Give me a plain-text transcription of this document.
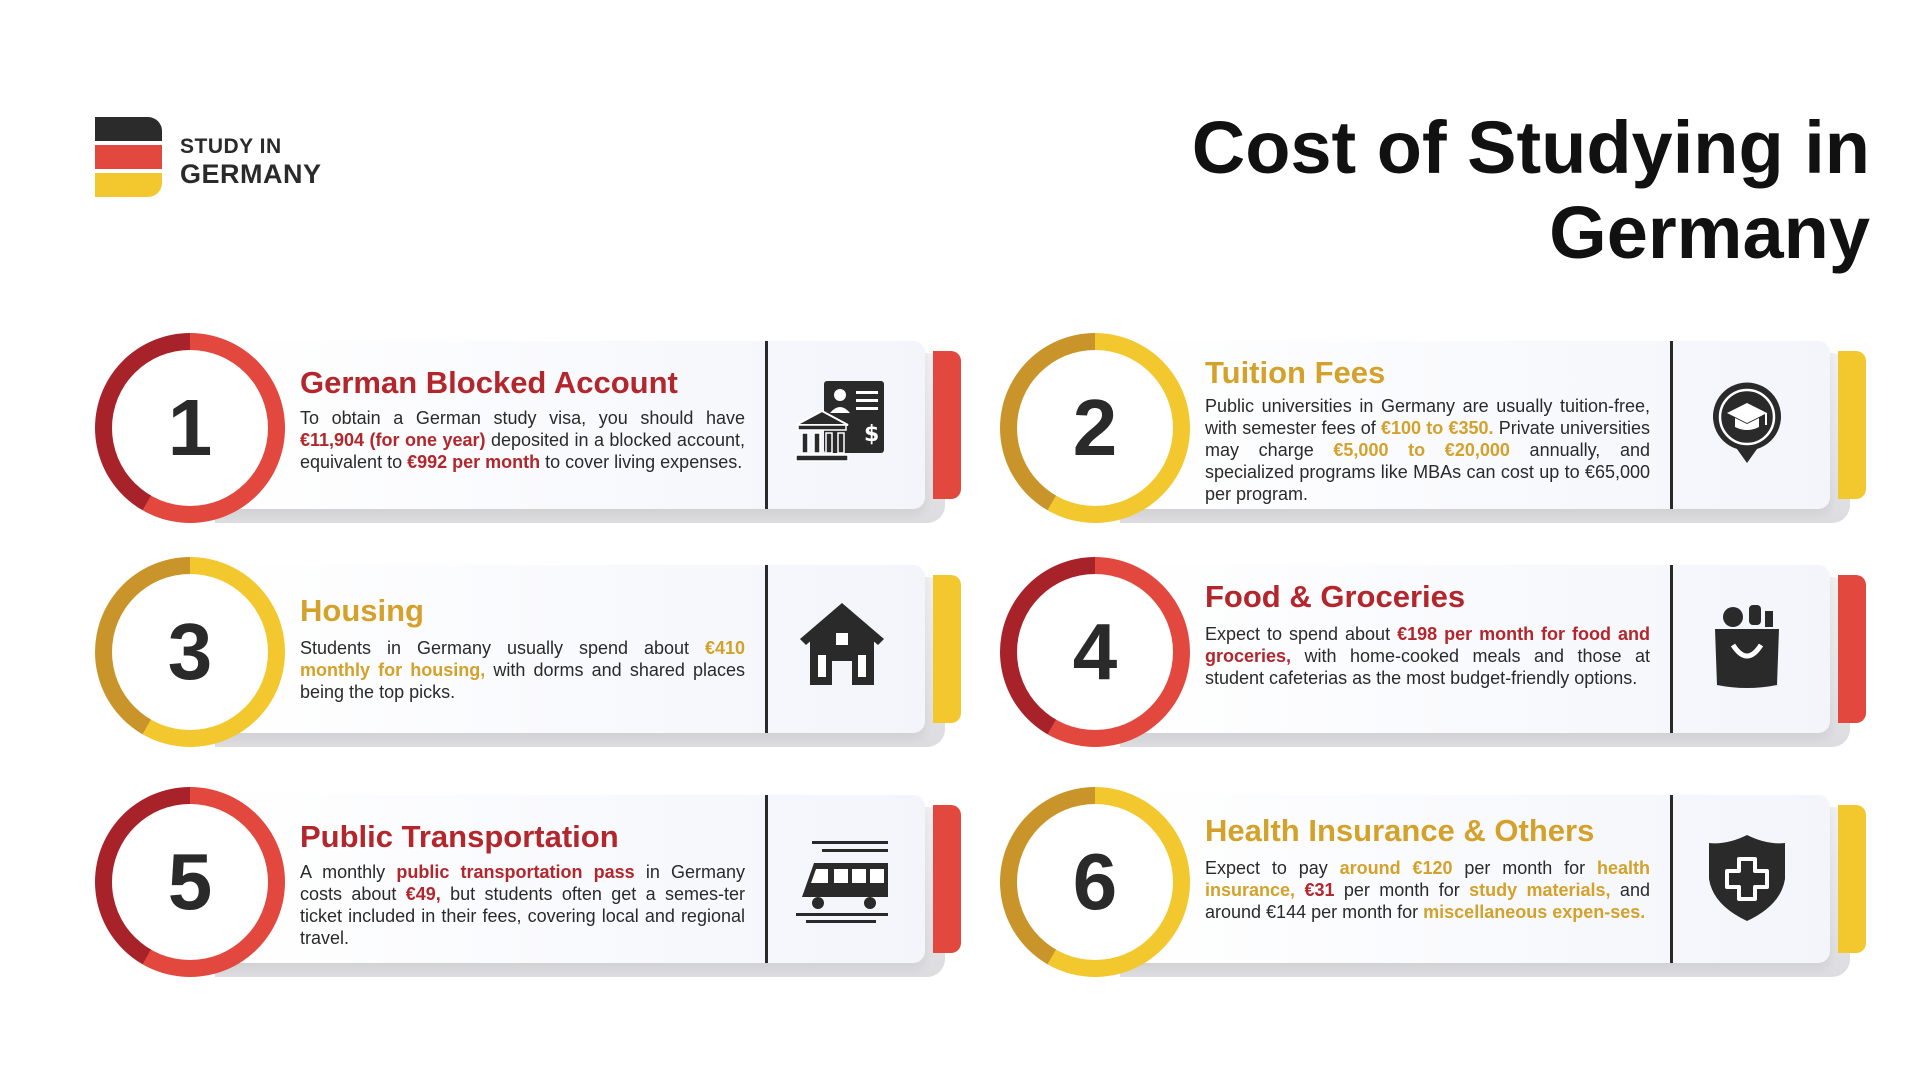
STUDY IN
GERMANY	Cost of Studying in Germany
1
German Blocked Account

To obtain a German study visa, you should have €11,904 (for one year) deposited in a blocked account, equivalent to €992 per month to cover living expenses.

$	2
Tuition Fees

Public universities in Germany are usually tuition-free, with semester fees of €100 to €350. Private universities may charge €5,000 to €20,000 annually, and specialized programs like MBAs can cost up to €65,000 per program.

3	Housing

Students in Germany usually spend about €410 monthly for housing, with dorms and shared places being the top picks.	4
Food & Groceries

Expect to spend about €198 per month for food and groceries, with home-cooked meals and those at student cafeterias as the most budget-friendly options.

5
Public Transportation

A monthly public transportation pass in Germany costs about €49, but students often get a semes-ter ticket included in their fees, covering local and regional travel.

6
Health Insurance & Others

Expect to pay around €120 per month for health insurance, €31 per month for study materials, and around €144 per month for miscellaneous expen-ses.
